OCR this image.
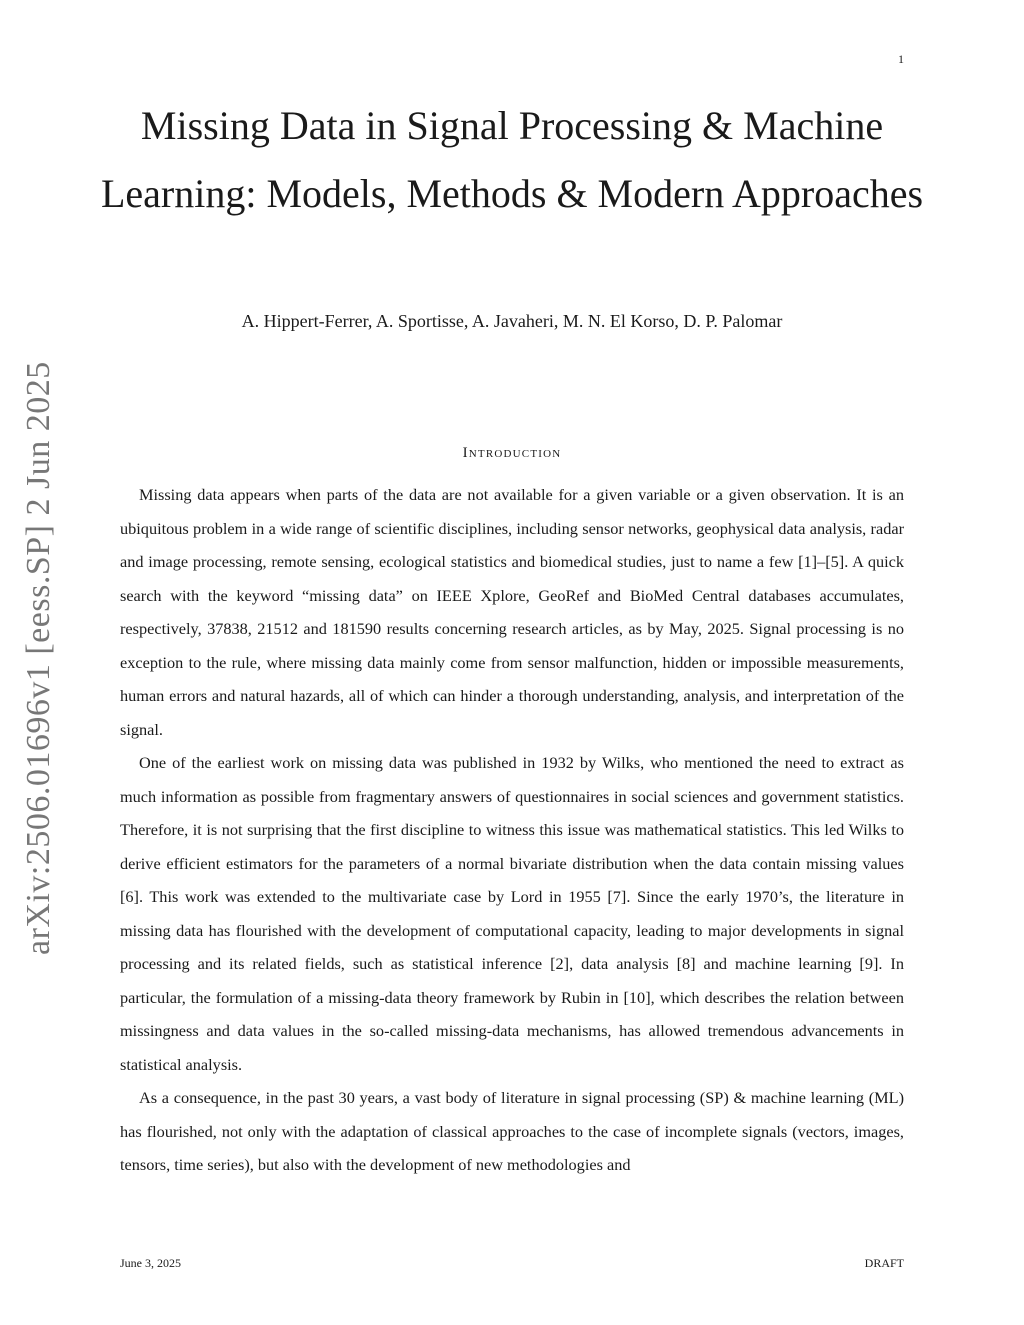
1
arXiv:2506.01696v1 [eess.SP] 2 Jun 2025
Missing Data in Signal Processing & Machine Learning: Models, Methods & Modern Approaches
A. Hippert-Ferrer, A. Sportisse, A. Javaheri, M. N. El Korso, D. P. Palomar
Introduction

Missing data appears when parts of the data are not available for a given variable or a given observation. It is an ubiquitous problem in a wide range of scientific disciplines, including sensor networks, geophysical data analysis, radar and image processing, remote sensing, ecological statistics and biomedical studies, just to name a few [1]–[5]. A quick search with the keyword “missing data” on IEEE Xplore, GeoRef and BioMed Central databases accumulates, respectively, 37838, 21512 and 181590 results concerning research articles, as by May, 2025. Signal processing is no exception to the rule, where missing data mainly come from sensor malfunction, hidden or impossible measurements, human errors and natural hazards, all of which can hinder a thorough understanding, analysis, and interpretation of the signal.

One of the earliest work on missing data was published in 1932 by Wilks, who mentioned the need to extract as much information as possible from fragmentary answers of questionnaires in social sciences and government statistics. Therefore, it is not surprising that the first discipline to witness this issue was mathematical statistics. This led Wilks to derive efficient estimators for the parameters of a normal bivariate distribution when the data contain missing values [6]. This work was extended to the multivariate case by Lord in 1955 [7]. Since the early 1970’s, the literature in missing data has flourished with the development of computational capacity, leading to major developments in signal processing and its related fields, such as statistical inference [2], data analysis [8] and machine learning [9]. In particular, the formulation of a missing-data theory framework by Rubin in [10], which describes the relation between missingness and data values in the so-called missing-data mechanisms, has allowed tremendous advancements in statistical analysis.

As a consequence, in the past 30 years, a vast body of literature in signal processing (SP) & machine learning (ML) has flourished, not only with the adaptation of classical approaches to the case of incomplete signals (vectors, images, tensors, time series), but also with the development of new methodologies and

June 3, 2025	DRAFT
